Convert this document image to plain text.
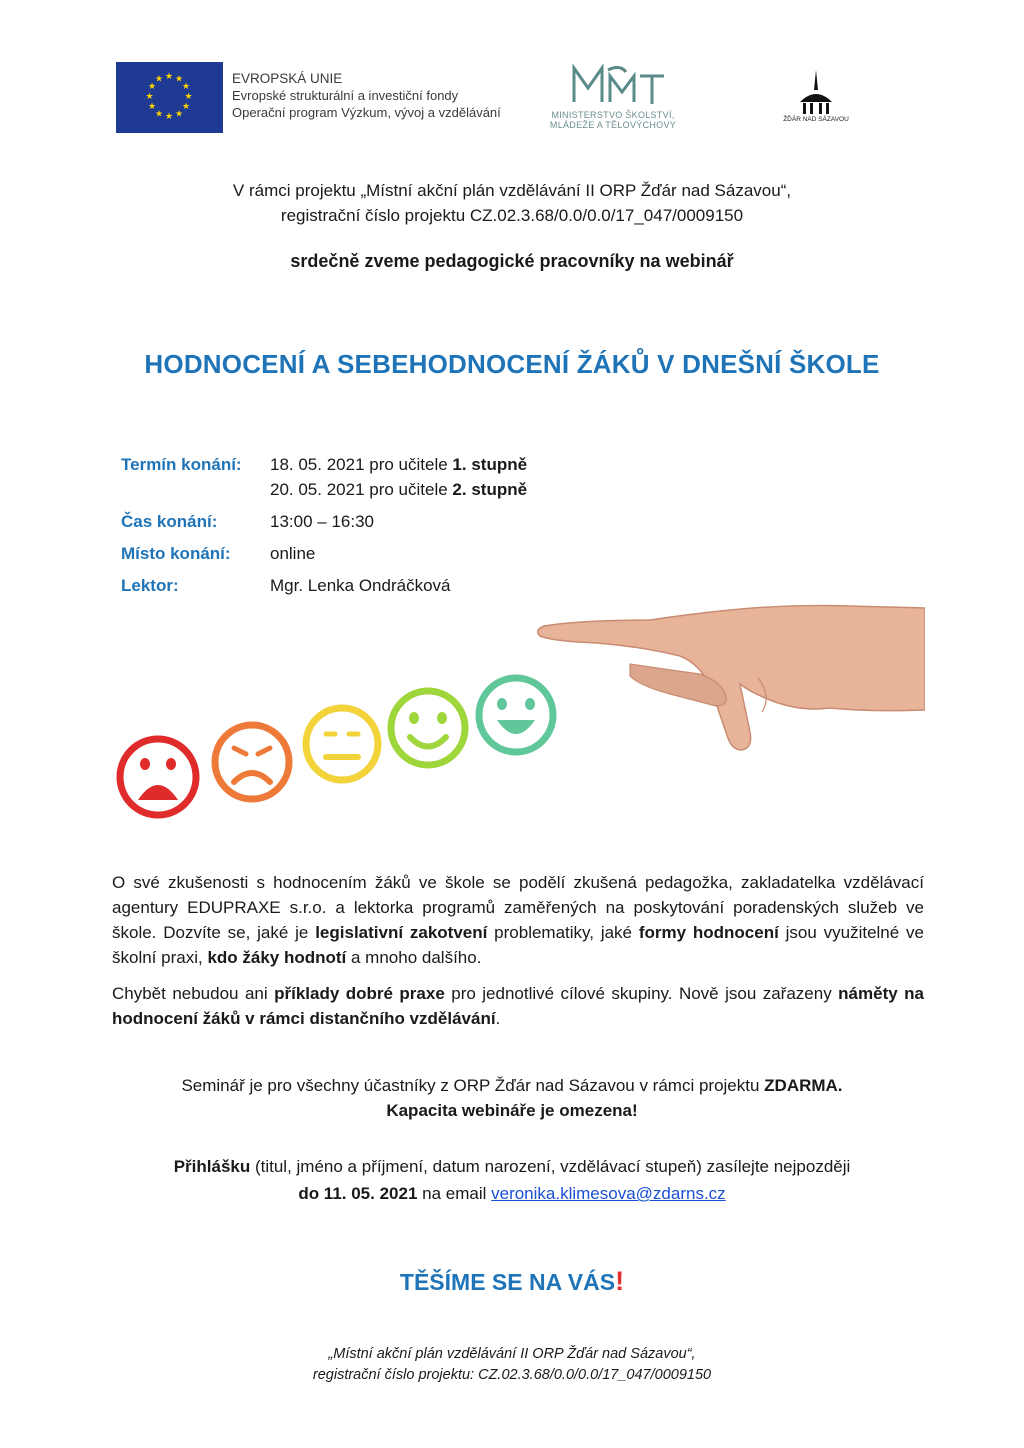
★ ★
★
★
★
★
★
★
★
★
★
★	EVROPSKÁ UNIE
Evropské strukturální a investiční fondy
Operační program Výzkum, vývoj a vzdělávání	MINISTERSTVO ŠKOLSTVÍ,
MLÁDEŽE A TĚLOVÝCHOVY
ŽĎÁR NAD SÁZAVOU
V rámci projektu „Místní akční plán vzdělávání II ORP Žďár nad Sázavou“,
registrační číslo projektu CZ.02.3.68/0.0/0.0/17_047/0009150
srdečně zveme pedagogické pracovníky na webinář
HODNOCENÍ A SEBEHODNOCENÍ ŽÁKŮ V DNEŠNÍ ŠKOLE
Termín konání:	18. 05. 2021 pro učitele 1. stupně
20. 05. 2021 pro učitele 2. stupně
Čas konání:	13:00 – 16:30
Místo konání:	online
Lektor:	Mgr. Lenka Ondráčková
O své zkušenosti s hodnocením žáků ve škole se podělí zkušená pedagožka, zakladatelka vzdělávací agentury EDUPRAXE s.r.o. a lektorka programů zaměřených na poskytování poradenských služeb ve škole. Dozvíte se, jaké je legislativní zakotvení problematiky, jaké formy hodnocení jsou využitelné ve školní praxi, kdo žáky hodnotí a mnoho dalšího.
Chybět nebudou ani příklady dobré praxe pro jednotlivé cílové skupiny. Nově jsou zařazeny náměty na hodnocení žáků v rámci distančního vzdělávání.
Seminář je pro všechny účastníky z ORP Žďár nad Sázavou v rámci projektu ZDARMA.
Kapacita webináře je omezena!
Přihlášku (titul, jméno a příjmení, datum narození, vzdělávací stupeň) zasílejte nejpozději
do 11. 05. 2021 na email veronika.klimesova@zdarns.cz
TĚŠÍME SE NA VÁS!
„Místní akční plán vzdělávání II ORP Žďár nad Sázavou“,
registrační číslo projektu: CZ.02.3.68/0.0/0.0/17_047/0009150
